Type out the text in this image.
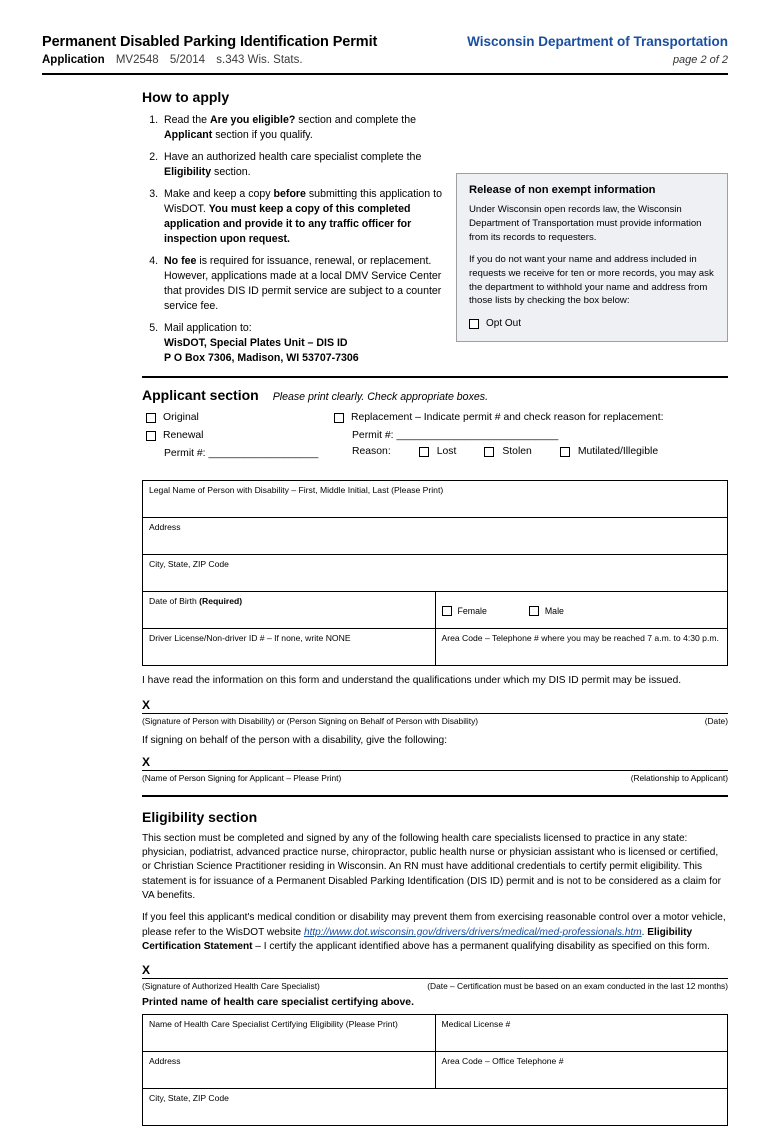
Permanent Disabled Parking Identification Permit
Application MV2548 5/2014 s.343 Wis. Stats.
Wisconsin Department of Transportation
page 2 of 2
How to apply
1. Read the Are you eligible? section and complete the Applicant section if you qualify.
2. Have an authorized health care specialist complete the Eligibility section.
3. Make and keep a copy before submitting this application to WisDOT. You must keep a copy of this completed application and provide it to any traffic officer for inspection upon request.
4. No fee is required for issuance, renewal, or replacement. However, applications made at a local DMV Service Center that provides DIS ID permit service are subject to a counter service fee.
5. Mail application to:
WisDOT, Special Plates Unit – DIS ID
P O Box 7306, Madison, WI 53707-7306
Release of non exempt information

Under Wisconsin open records law, the Wisconsin Department of Transportation must provide information from its records to requesters.

If you do not want your name and address included in requests we receive for ten or more records, you may ask the department to withhold your name and address from those lists by checking the box below:

Opt Out
Applicant section Please print clearly. Check appropriate boxes.
Original
Renewal
Permit #: ___________________
Replacement – Indicate permit # and check reason for replacement:
Permit #: ____________________________
Reason:	Lost	Stolen	Mutilated/Illegible
Legal Name of Person with Disability – First, Middle Initial, Last (Please Print)	
Address	
City, State, ZIP Code	
Date of Birth (Required)	Female Male

Driver License/Non-driver ID # – If none, write NONE	Area Code – Telephone # where you may be reached 7 a.m. to 4:30 p.m.
I have read the information on this form and understand the qualifications under which my DIS ID permit may be issued.
X
(Signature of Person with Disability) or (Person Signing on Behalf of Person with Disability)	(Date)
If signing on behalf of the person with a disability, give the following:
X
(Name of Person Signing for Applicant – Please Print)	(Relationship to Applicant)
Eligibility section

This section must be completed and signed by any of the following health care specialists licensed to practice in any state: physician, podiatrist, advanced practice nurse, chiropractor, public health nurse or physician assistant who is licensed or certified, or Christian Science Practitioner residing in Wisconsin. An RN must have additional credentials to certify permit eligibility. This statement is for issuance of a Permanent Disabled Parking Identification (DIS ID) permit and is not to be considered as a claim for VA benefits.

If you feel this applicant's medical condition or disability may prevent them from exercising reasonable control over a motor vehicle, please refer to the WisDOT website http://www.dot.wisconsin.gov/drivers/drivers/medical/med-professionals.htm. Eligibility Certification Statement – I certify the applicant identified above has a permanent qualifying disability as specified on this form.

X
(Signature of Authorized Health Care Specialist)	(Date – Certification must be based on an exam conducted in the last 12 months)
Printed name of health care specialist certifying above.
Name of Health Care Specialist Certifying Eligibility (Please Print)	Medical License #
Address	Area Code – Office Telephone #
City, State, ZIP Code	
